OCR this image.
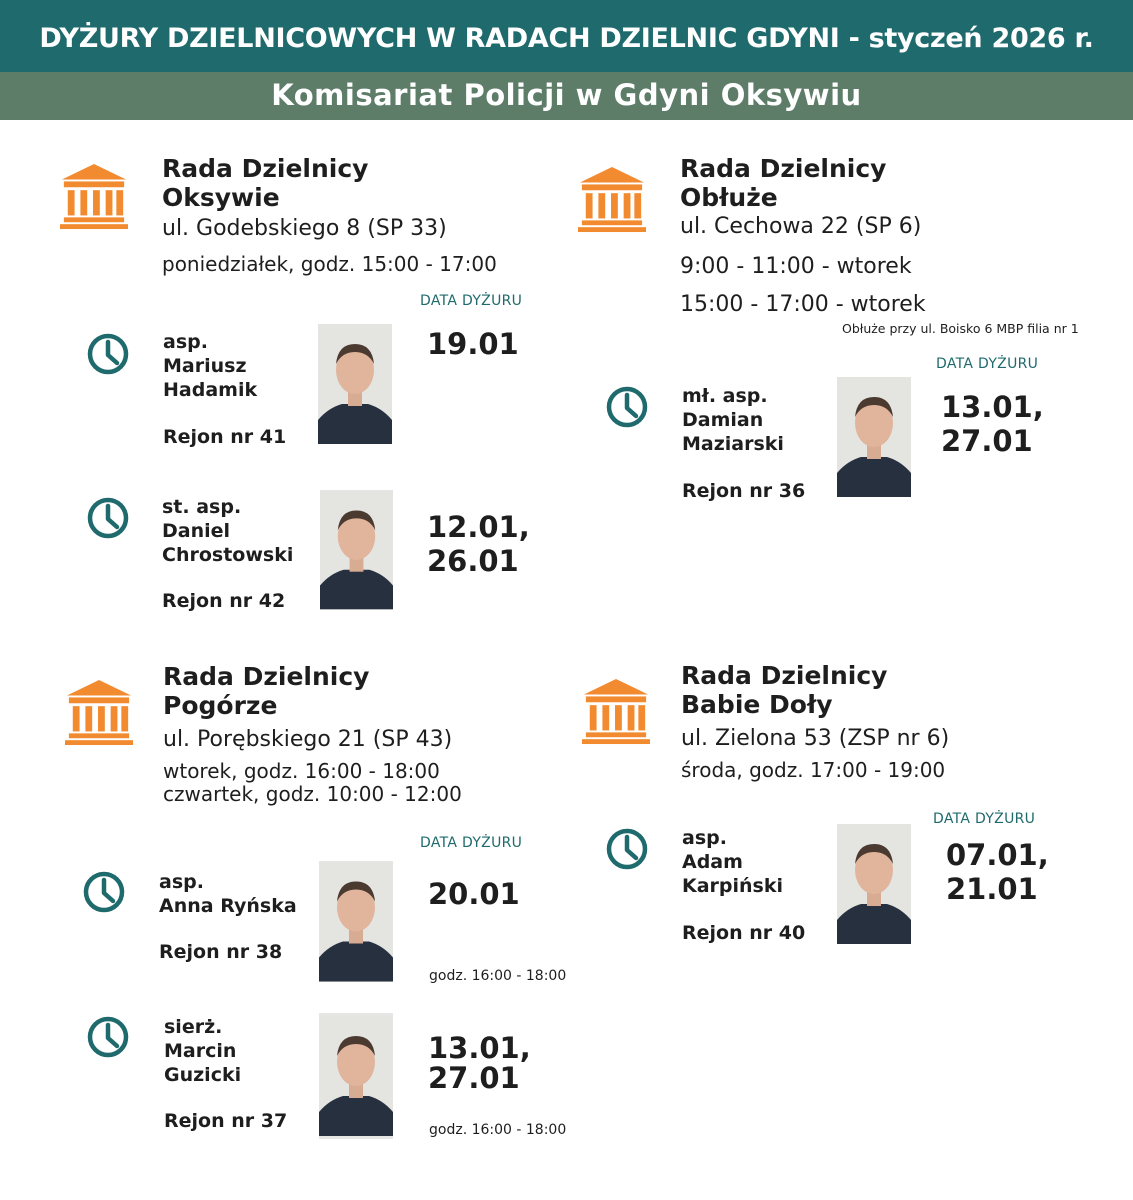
DYŻURY DZIELNICOWYCH W RADACH DZIELNIC GDYNI - styczeń 2026 r.
Komisariat Policji w Gdyni Oksywiu
Rada Dzielnicy
Oksywie
ul. Godebskiego 8 (SP 33)
poniedziałek, godz. 15:00 - 17:00
DATA DYŻURU
asp.
Mariusz
Hadamik
Rejon nr 41
19.01
st. asp.
Daniel
Chrostowski
Rejon nr 42
12.01,
26.01
Rada Dzielnicy
Obłuże
ul. Cechowa 22 (SP 6)
9:00 - 11:00 - wtorek
15:00 - 17:00 - wtorek
Obłuże przy ul. Boisko 6 MBP filia nr 1
DATA DYŻURU
mł. asp.
Damian
Maziarski
Rejon nr 36
13.01,
27.01
Rada Dzielnicy
Pogórze
ul. Porębskiego 21 (SP 43)
wtorek, godz. 16:00 - 18:00
czwartek, godz. 10:00 - 12:00
DATA DYŻURU
asp.
Anna Ryńska
Rejon nr 38
20.01
godz. 16:00 - 18:00
sierż.
Marcin
Guzicki
Rejon nr 37
13.01,
27.01
godz. 16:00 - 18:00
Rada Dzielnicy
Babie Doły
ul. Zielona 53 (ZSP nr 6)
środa, godz. 17:00 - 19:00
DATA DYŻURU
asp.
Adam
Karpiński
Rejon nr 40
07.01,
21.01
